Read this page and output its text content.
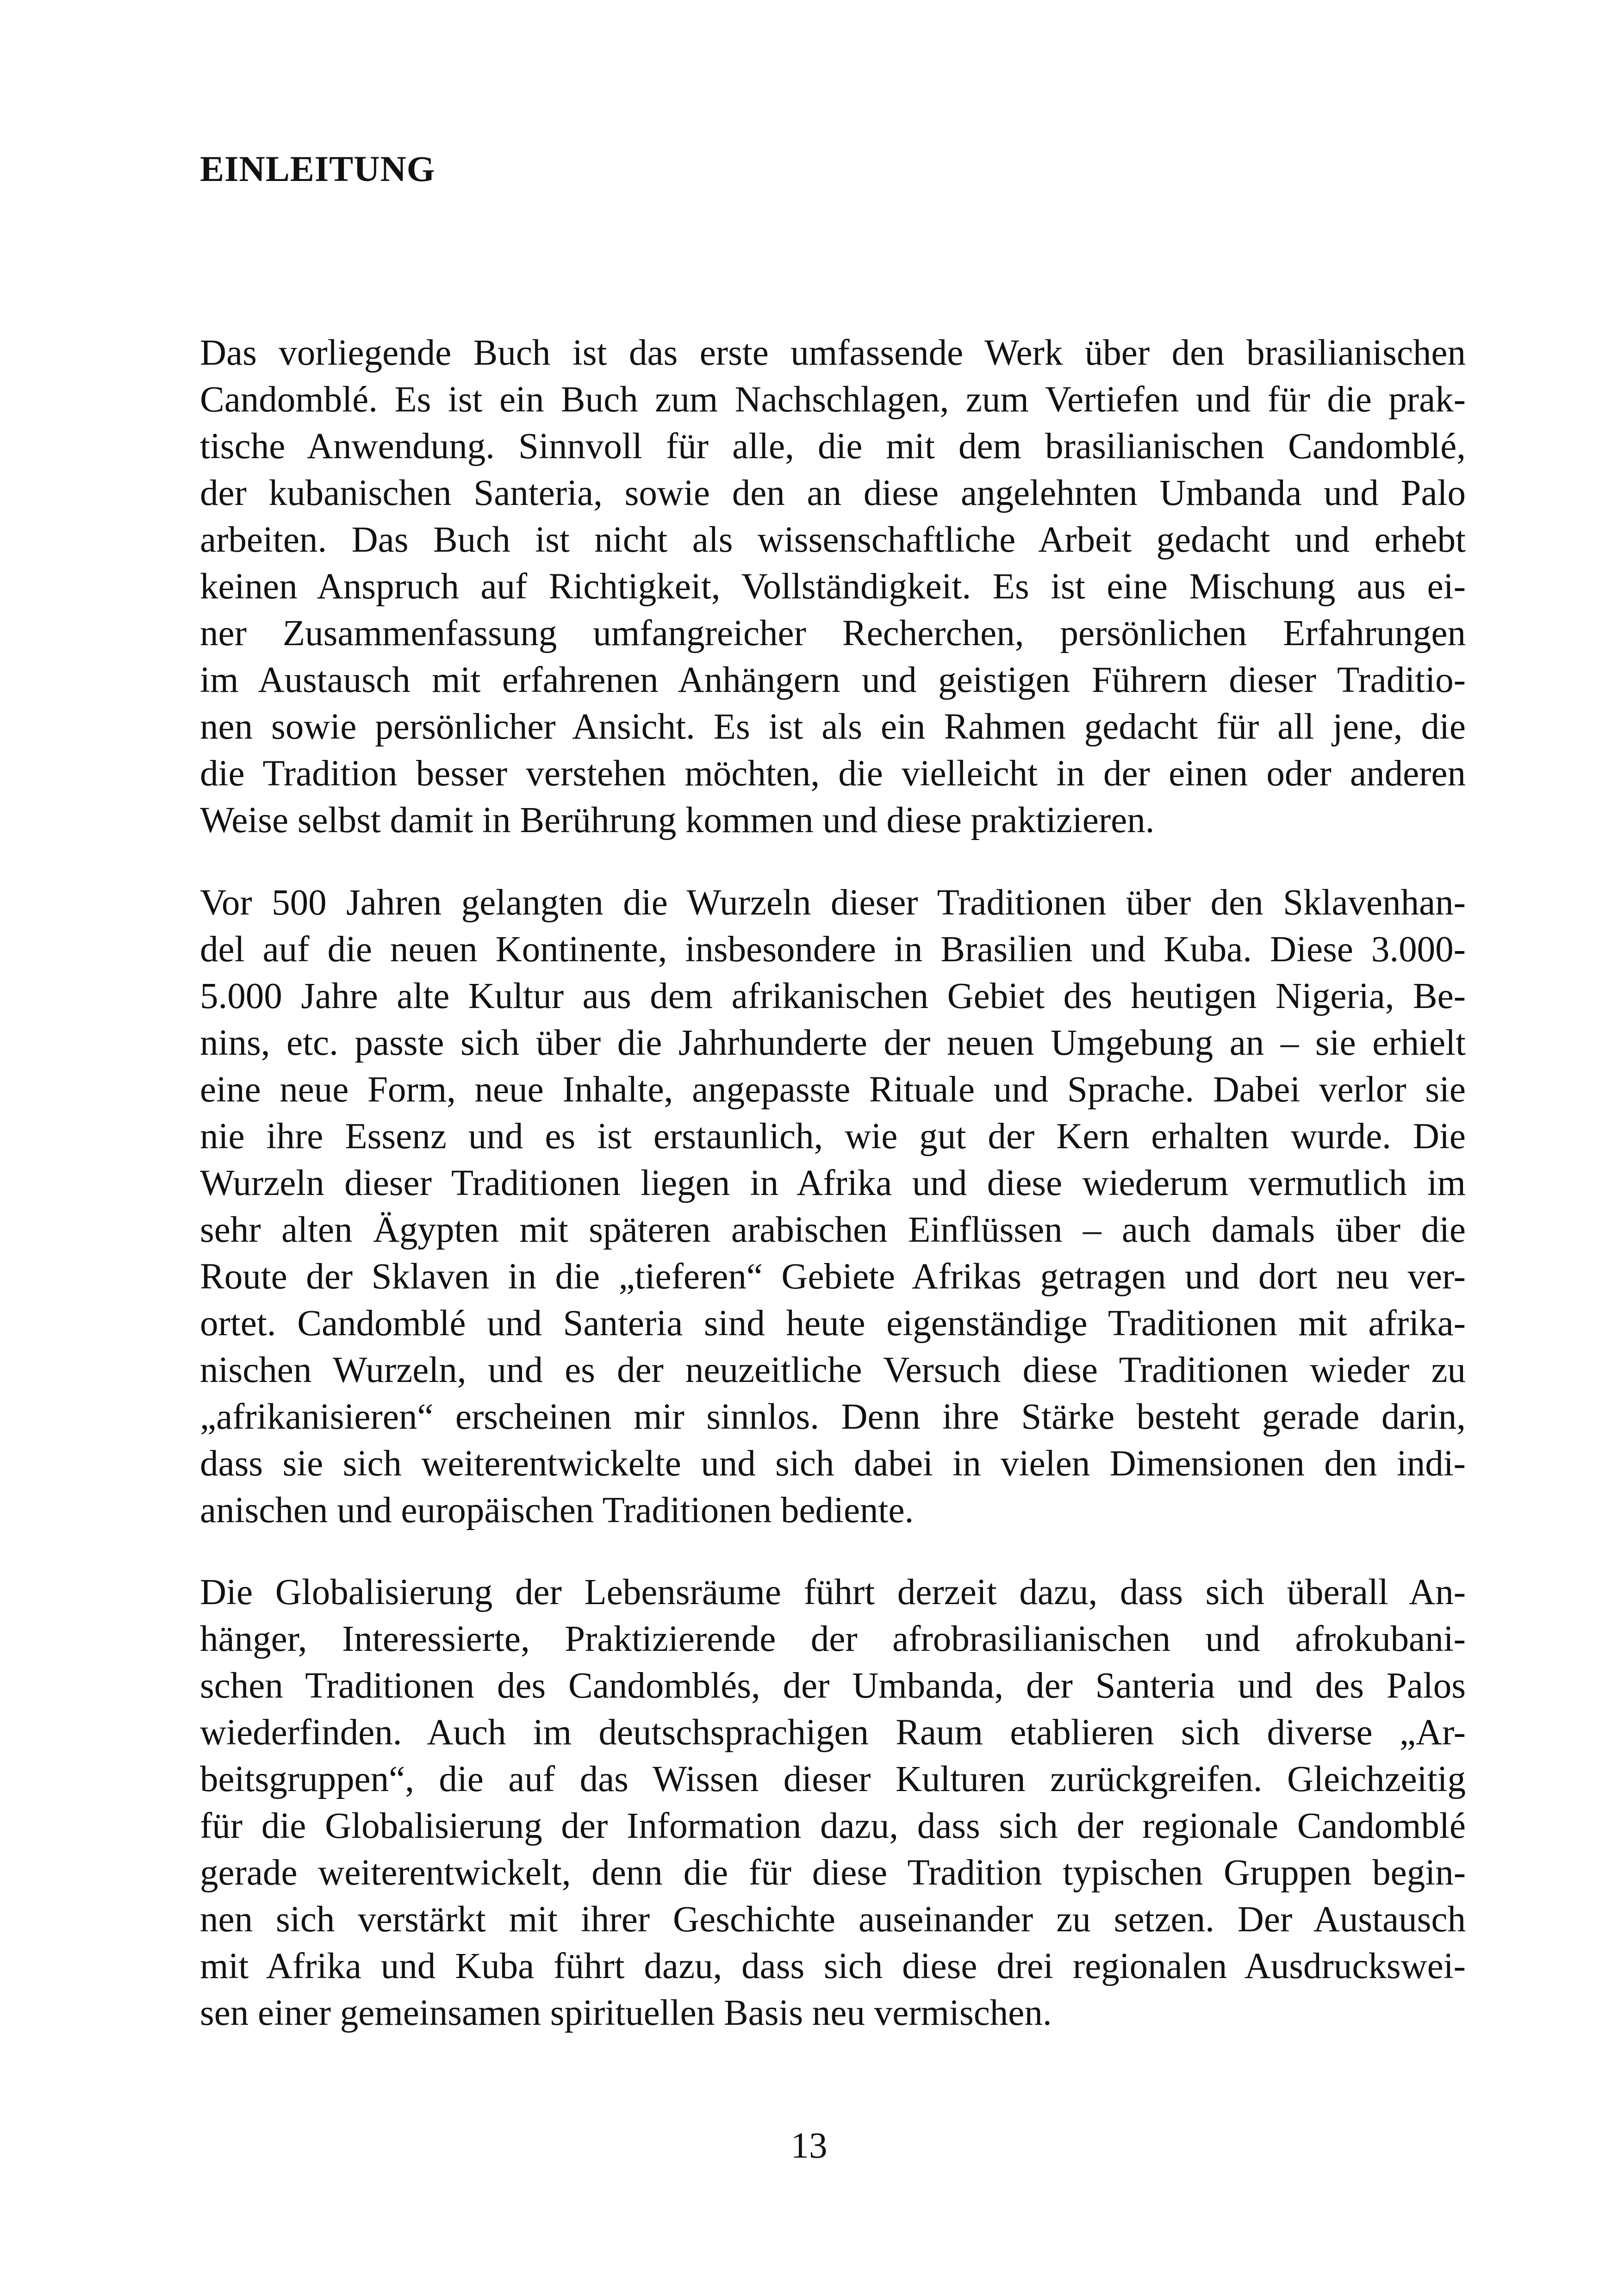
EINLEITUNG
Das vorliegende Buch ist das erste umfassende Werk über den brasilianischen
Candomblé. Es ist ein Buch zum Nachschlagen, zum Vertiefen und für die prak-
tische Anwendung. Sinnvoll für alle, die mit dem brasilianischen Candomblé,
der kubanischen Santeria, sowie den an diese angelehnten Umbanda und Palo
arbeiten. Das Buch ist nicht als wissenschaftliche Arbeit gedacht und erhebt
keinen Anspruch auf Richtigkeit, Vollständigkeit. Es ist eine Mischung aus ei-
ner Zusammenfassung umfangreicher Recherchen, persönlichen Erfahrungen
im Austausch mit erfahrenen Anhängern und geistigen Führern dieser Traditio-
nen sowie persönlicher Ansicht. Es ist als ein Rahmen gedacht für all jene, die
die Tradition besser verstehen möchten, die vielleicht in der einen oder anderen
Weise selbst damit in Berührung kommen und diese praktizieren.
Vor 500 Jahren gelangten die Wurzeln dieser Traditionen über den Sklavenhan-
del auf die neuen Kontinente, insbesondere in Brasilien und Kuba. Diese 3.000-
5.000 Jahre alte Kultur aus dem afrikanischen Gebiet des heutigen Nigeria, Be-
nins, etc. passte sich über die Jahrhunderte der neuen Umgebung an – sie erhielt
eine neue Form, neue Inhalte, angepasste Rituale und Sprache. Dabei verlor sie
nie ihre Essenz und es ist erstaunlich, wie gut der Kern erhalten wurde. Die
Wurzeln dieser Traditionen liegen in Afrika und diese wiederum vermutlich im
sehr alten Ägypten mit späteren arabischen Einflüssen – auch damals über die
Route der Sklaven in die „tieferen“ Gebiete Afrikas getragen und dort neu ver-
ortet. Candomblé und Santeria sind heute eigenständige Traditionen mit afrika-
nischen Wurzeln, und es der neuzeitliche Versuch diese Traditionen wieder zu
„afrikanisieren“ erscheinen mir sinnlos. Denn ihre Stärke besteht gerade darin,
dass sie sich weiterentwickelte und sich dabei in vielen Dimensionen den indi-
anischen und europäischen Traditionen bediente.
Die Globalisierung der Lebensräume führt derzeit dazu, dass sich überall An-
hänger, Interessierte, Praktizierende der afrobrasilianischen und afrokubani-
schen Traditionen des Candomblés, der Umbanda, der Santeria und des Palos
wiederfinden. Auch im deutschsprachigen Raum etablieren sich diverse „Ar-
beitsgruppen“, die auf das Wissen dieser Kulturen zurückgreifen. Gleichzeitig
für die Globalisierung der Information dazu, dass sich der regionale Candomblé
gerade weiterentwickelt, denn die für diese Tradition typischen Gruppen begin-
nen sich verstärkt mit ihrer Geschichte auseinander zu setzen. Der Austausch
mit Afrika und Kuba führt dazu, dass sich diese drei regionalen Ausdruckswei-
sen einer gemeinsamen spirituellen Basis neu vermischen.
13
